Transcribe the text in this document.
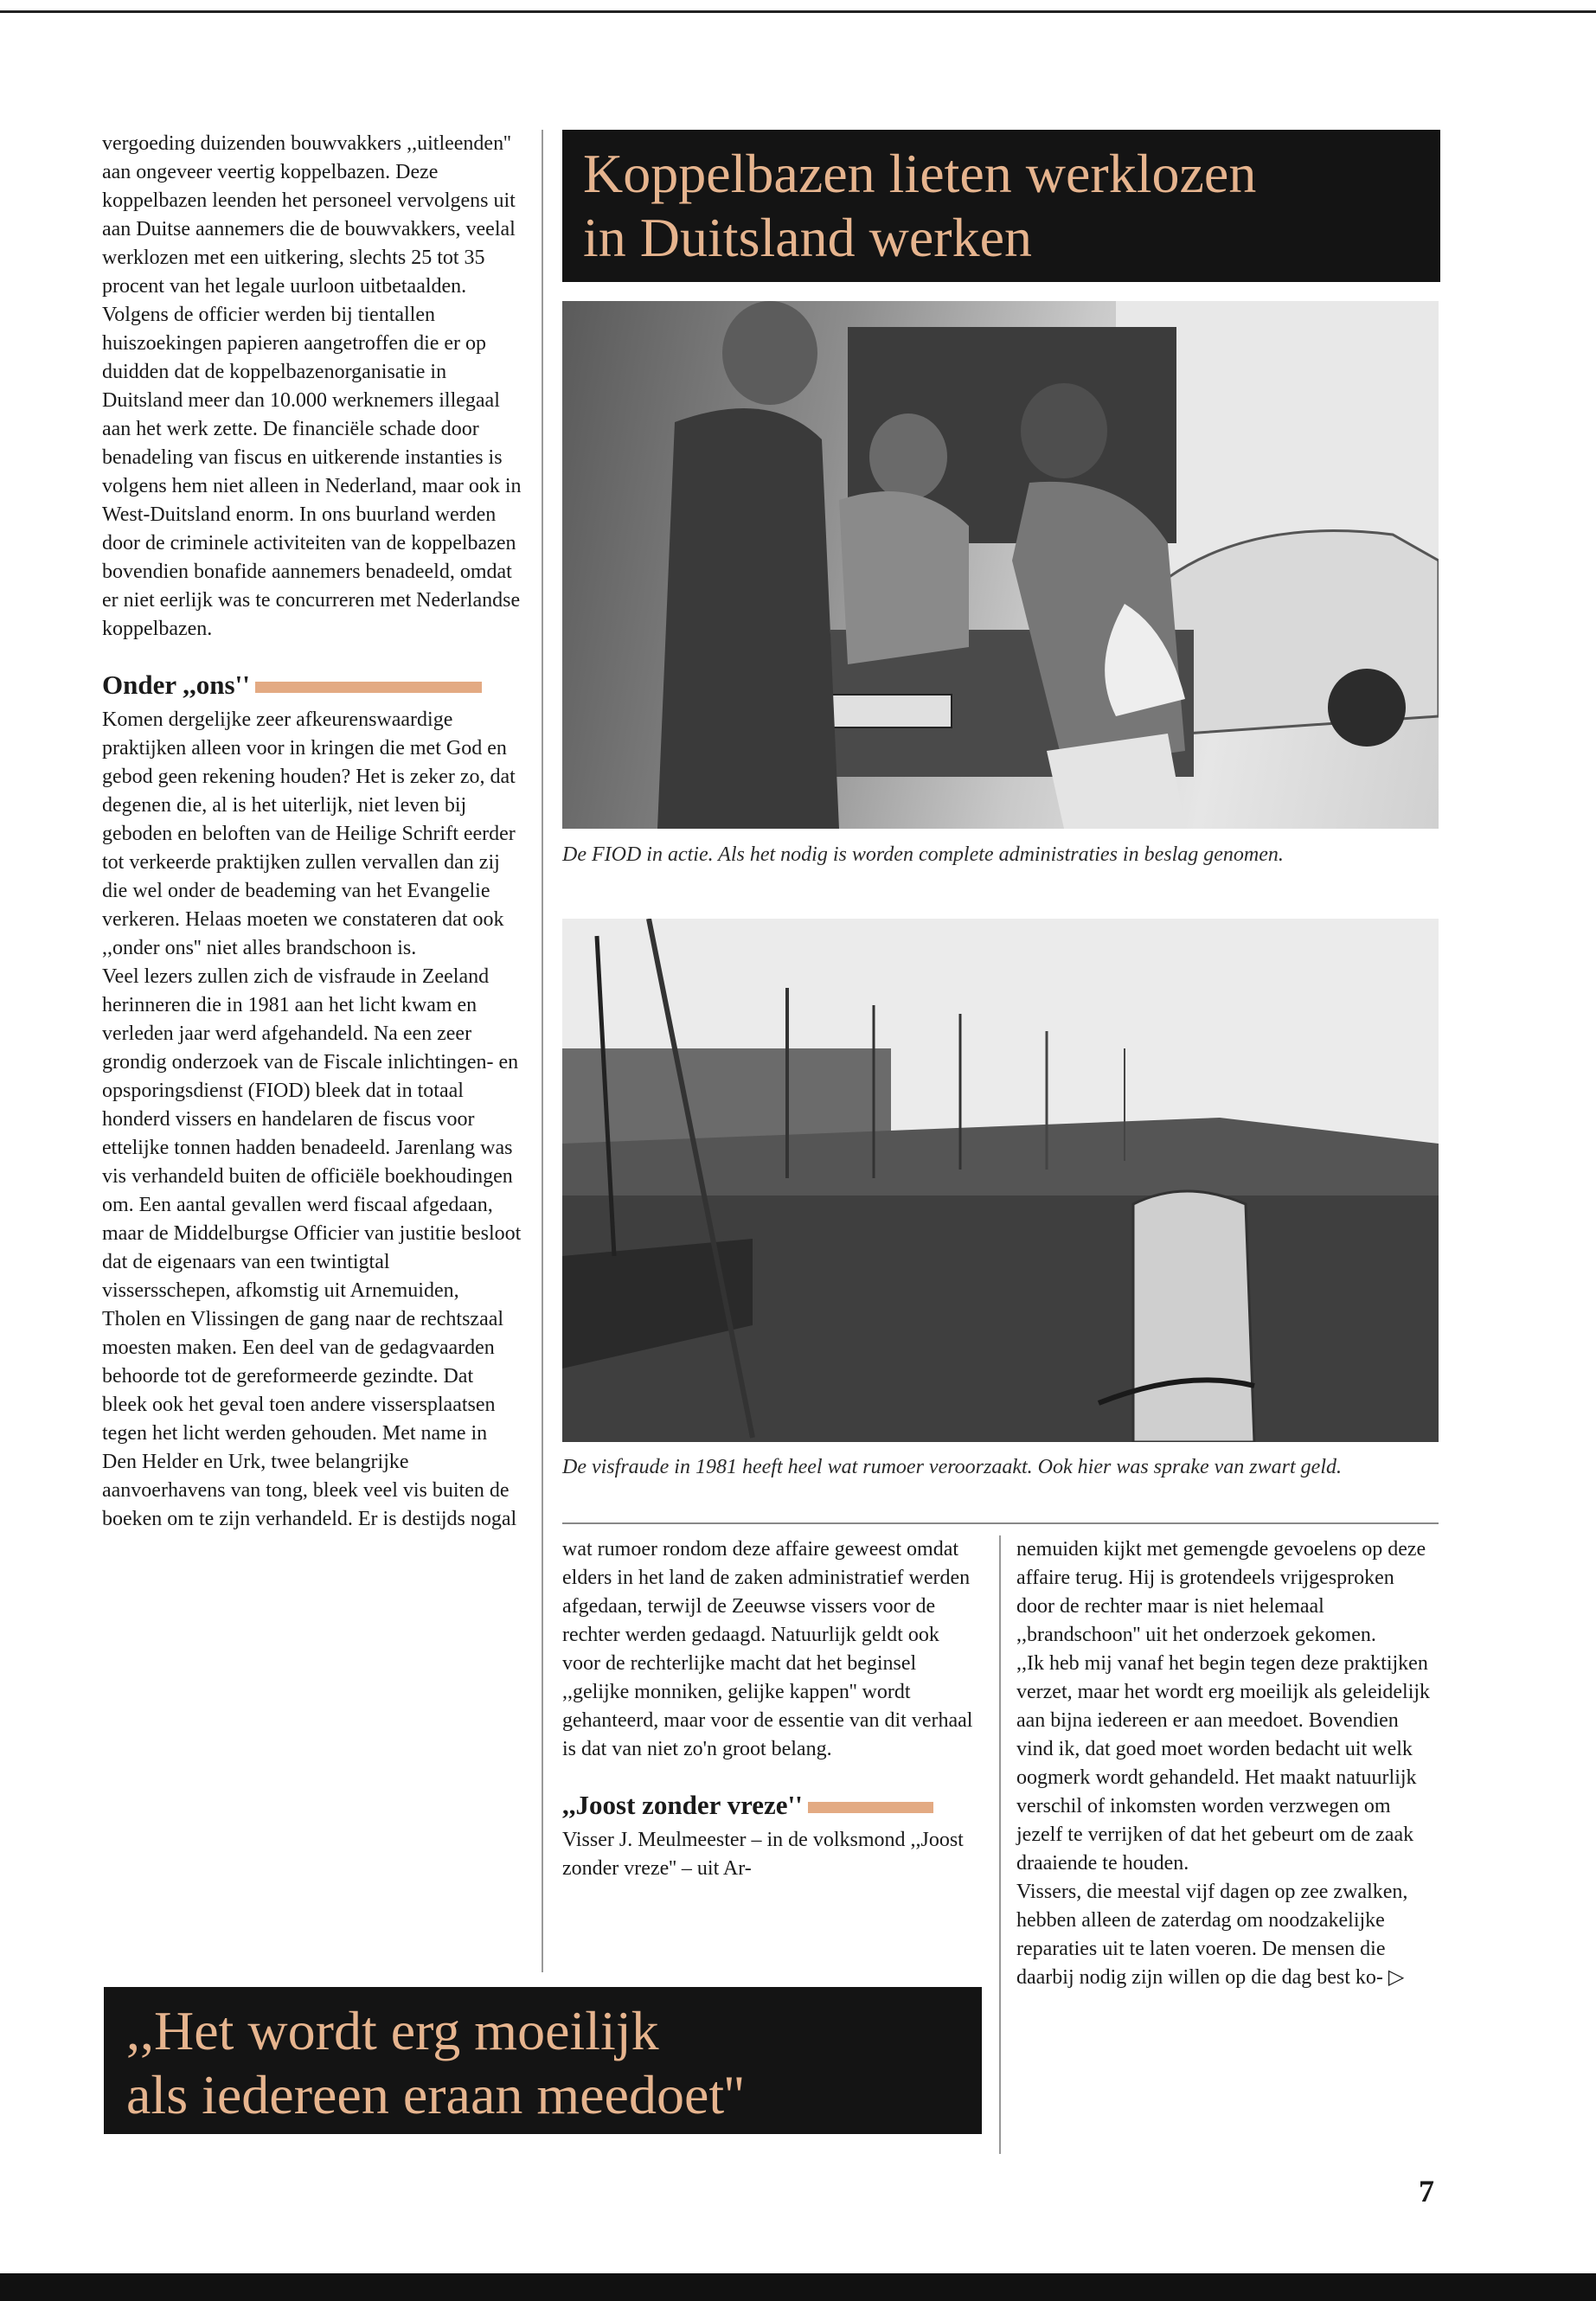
vergoeding duizenden bouwvakkers ,,uitleenden'' aan ongeveer veertig koppelbazen. Deze koppelbazen leenden het personeel vervolgens uit aan Duitse aannemers die de bouwvakkers, veelal werklozen met een uitkering, slechts 25 tot 35 procent van het legale uurloon uitbetaalden. Volgens de officier werden bij tientallen huiszoekingen papieren aangetroffen die er op duidden dat de koppelbazenorganisatie in Duitsland meer dan 10.000 werknemers illegaal aan het werk zette. De financiële schade door benadeling van fiscus en uitkerende instanties is volgens hem niet alleen in Nederland, maar ook in West-Duitsland enorm. In ons buurland werden door de criminele activiteiten van de koppelbazen bovendien bonafide aannemers benadeeld, omdat er niet eerlijk was te concurreren met Nederlandse koppelbazen.

Onder ,,ons''

Komen dergelijke zeer afkeurenswaardige praktijken alleen voor in kringen die met God en gebod geen rekening houden? Het is zeker zo, dat degenen die, al is het uiterlijk, niet leven bij geboden en beloften van de Heilige Schrift eerder tot verkeerde praktijken zullen vervallen dan zij die wel onder de beademing van het Evangelie verkeren. Helaas moeten we constateren dat ook ,,onder ons'' niet alles brandschoon is.

Veel lezers zullen zich de visfraude in Zeeland herinneren die in 1981 aan het licht kwam en verleden jaar werd afgehandeld. Na een zeer grondig onderzoek van de Fiscale inlichtingen- en opsporingsdienst (FIOD) bleek dat in totaal honderd vissers en handelaren de fiscus voor ettelijke tonnen hadden benadeeld. Jarenlang was vis verhandeld buiten de officiële boekhoudingen om. Een aantal gevallen werd fiscaal afgedaan, maar de Middelburgse Officier van justitie besloot dat de eigenaars van een twintigtal vissersschepen, afkomstig uit Arnemuiden, Tholen en Vlissingen de gang naar de rechtszaal moesten maken. Een deel van de gedagvaarden behoorde tot de gereformeerde gezindte. Dat bleek ook het geval toen andere vissersplaatsen tegen het licht werden gehouden. Met name in Den Helder en Urk, twee belangrijke aanvoerhavens van tong, bleek veel vis buiten de boeken om te zijn verhandeld. Er is destijds nogal

Koppelbazen lieten werklozen
in Duitsland werken
De FIOD in actie. Als het nodig is worden complete administraties in beslag genomen.
De visfraude in 1981 heeft heel wat rumoer veroorzaakt. Ook hier was sprake van zwart geld.

wat rumoer rondom deze affaire geweest omdat elders in het land de zaken administratief werden afgedaan, terwijl de Zeeuwse vissers voor de rechter werden gedaagd. Natuurlijk geldt ook voor de rechterlijke macht dat het beginsel ,,gelijke monniken, gelijke kappen'' wordt gehanteerd, maar voor de essentie van dit verhaal is dat van niet zo'n groot belang.

,,Joost zonder vreze''

Visser J. Meulmeester – in de volksmond ,,Joost zonder vreze'' – uit Ar-

nemuiden kijkt met gemengde gevoelens op deze affaire terug. Hij is grotendeels vrijgesproken door de rechter maar is niet helemaal ,,brandschoon'' uit het onderzoek gekomen.

,,Ik heb mij vanaf het begin tegen deze praktijken verzet, maar het wordt erg moeilijk als geleidelijk aan bijna iedereen er aan meedoet. Bovendien vind ik, dat goed moet worden bedacht uit welk oogmerk wordt gehandeld. Het maakt natuurlijk verschil of inkomsten worden verzwegen om jezelf te verrijken of dat het gebeurt om de zaak draaiende te houden.

Vissers, die meestal vijf dagen op zee zwalken, hebben alleen de zaterdag om noodzakelijke reparaties uit te laten voeren. De mensen die daarbij nodig zijn willen op die dag best ko- ▷

,,Het wordt erg moeilijk
als iedereen eraan meedoet''
7
